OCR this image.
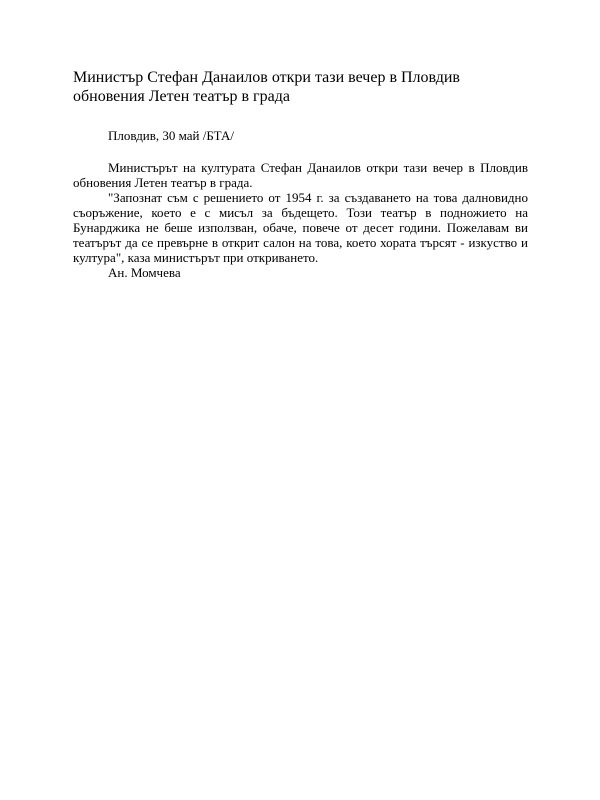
Министър Стефан Данаилов откри тази вечер в Пловдив обновения Летен театър в града

Пловдив, 30 май /БТА/

Министърът на културата Стефан Данаилов откри тази вечер в Пловдив обновения Летен театър в града.

"Запознат съм с решението от 1954 г. за създаването на това далновидно съоръжение, което е с мисъл за бъдещето. Този театър в подножието на Бунарджика не беше използван, обаче, повече от десет години. Пожелавам ви театърът да се превърне в открит салон на това, което хората търсят - изкуство и култура", каза министърът при откриването.

Ан. Момчева
